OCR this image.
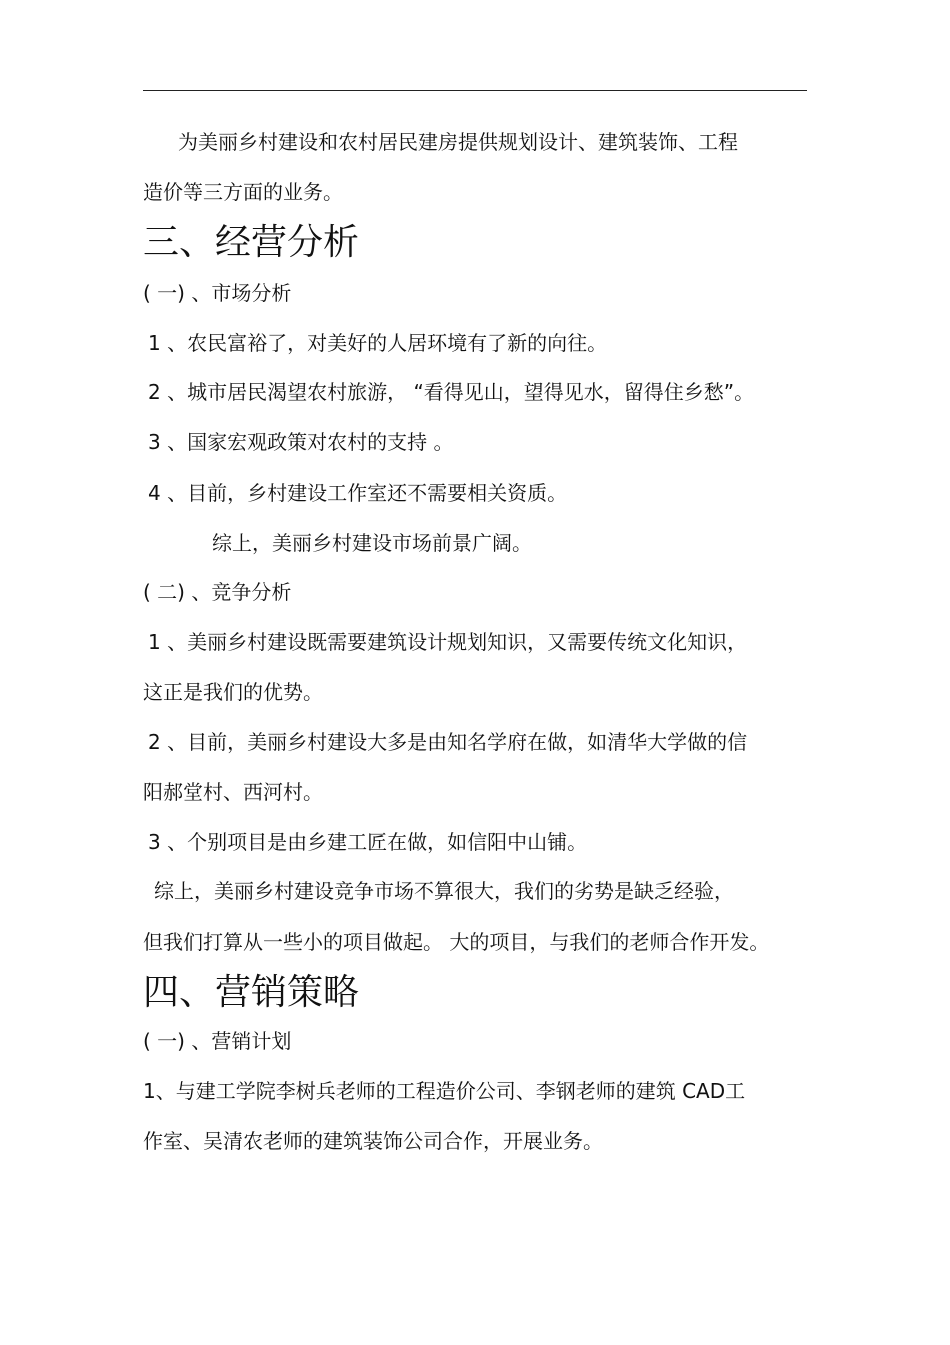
为美丽乡村建设和农村居民建房提供规划设计、建筑装饰、工程
造价等三方面的业务。
三、经营分析
( 一) 、市场分析
1 、农民富裕了，对美好的人居环境有了新的向往。
2 、城市居民渴望农村旅游， “看得见山，望得见水，留得住乡愁”。
3 、国家宏观政策对农村的支持 。
4 、目前，乡村建设工作室还不需要相关资质。
综上，美丽乡村建设市场前景广阔。
( 二) 、竞争分析
1 、美丽乡村建设既需要建筑设计规划知识，又需要传统文化知识，
这正是我们的优势。
2 、目前，美丽乡村建设大多是由知名学府在做，如清华大学做的信
阳郝堂村、西河村。
3 、个别项目是由乡建工匠在做，如信阳中山铺。
综上，美丽乡村建设竞争市场不算很大，我们的劣势是缺乏经验，
但我们打算从一些小的项目做起。 大的项目，与我们的老师合作开发。
四、营销策略
( 一) 、营销计划
1、与建工学院李树兵老师的工程造价公司、李钢老师的建筑 CAD工
作室、吴清农老师的建筑装饰公司合作，开展业务。
